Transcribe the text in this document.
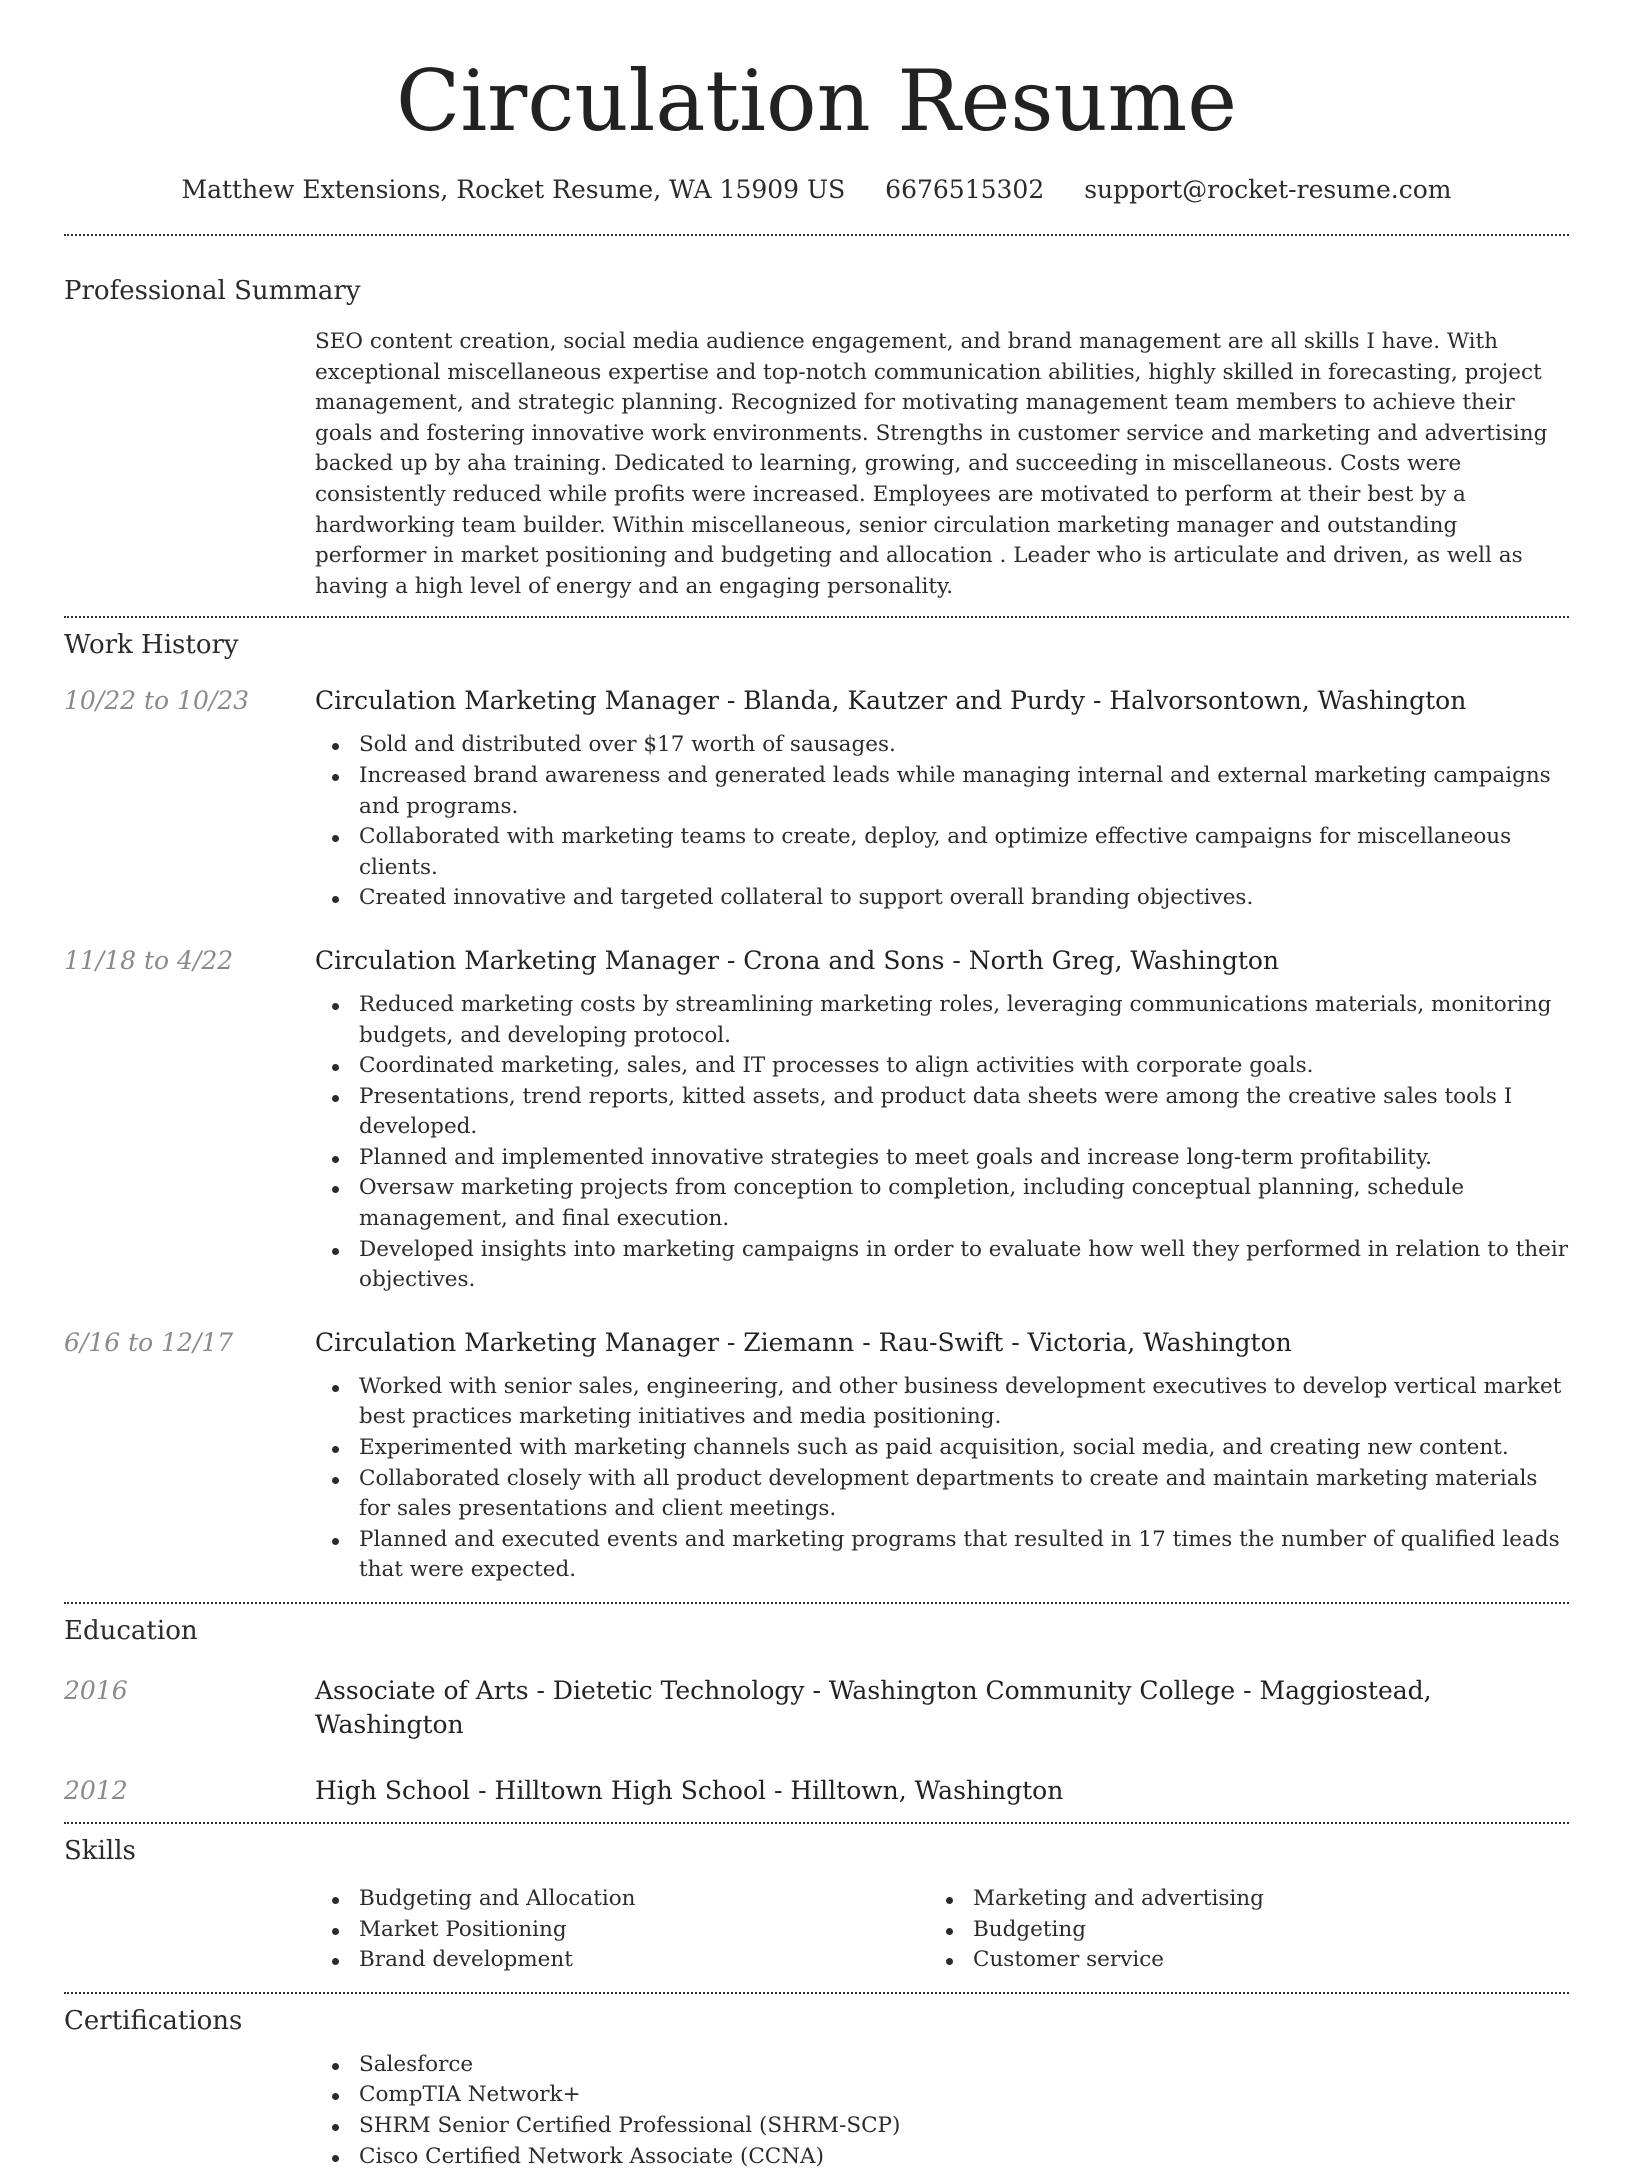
Circulation Resume
Matthew Extensions, Rocket Resume, WA 15909 US 6676515302 support@rocket-resume.com
Professional Summary
SEO content creation, social media audience engagement, and brand management are all skills I have. With exceptional miscellaneous expertise and top-notch communication abilities, highly skilled in forecasting, project management, and strategic planning. Recognized for motivating management team members to achieve their goals and fostering innovative work environments. Strengths in customer service and marketing and advertising backed up by aha training. Dedicated to learning, growing, and succeeding in miscellaneous. Costs were consistently reduced while profits were increased. Employees are motivated to perform at their best by a hardworking team builder. Within miscellaneous, senior circulation marketing manager and outstanding performer in market positioning and budgeting and allocation . Leader who is articulate and driven, as well as having a high level of energy and an engaging personality.
Work History
10/22 to 10/23	Circulation Marketing Manager - Blanda, Kautzer and Purdy - Halvorsontown, Washington
Sold and distributed over $17 worth of sausages.
Increased brand awareness and generated leads while managing internal and external marketing campaigns and programs.
Collaborated with marketing teams to create, deploy, and optimize effective campaigns for miscellaneous clients.
Created innovative and targeted collateral to support overall branding objectives.
11/18 to 4/22	Circulation Marketing Manager - Crona and Sons - North Greg, Washington
Reduced marketing costs by streamlining marketing roles, leveraging communications materials, monitoring budgets, and developing protocol.
Coordinated marketing, sales, and IT processes to align activities with corporate goals.
Presentations, trend reports, kitted assets, and product data sheets were among the creative sales tools I developed.
Planned and implemented innovative strategies to meet goals and increase long-term profitability.
Oversaw marketing projects from conception to completion, including conceptual planning, schedule management, and final execution.
Developed insights into marketing campaigns in order to evaluate how well they performed in relation to their objectives.
6/16 to 12/17	Circulation Marketing Manager - Ziemann - Rau-Swift - Victoria, Washington
Worked with senior sales, engineering, and other business development executives to develop vertical market best practices marketing initiatives and media positioning.
Experimented with marketing channels such as paid acquisition, social media, and creating new content.
Collaborated closely with all product development departments to create and maintain marketing materials for sales presentations and client meetings.
Planned and executed events and marketing programs that resulted in 17 times the number of qualified leads that were expected.
Education
2016	Associate of Arts - Dietetic Technology - Washington Community College - Maggiostead, Washington
2012	High School - Hilltown High School - Hilltown, Washington
Skills
Budgeting and Allocation
Market Positioning
Brand development
Marketing and advertising
Budgeting
Customer service
Certifications
Salesforce
CompTIA Network+
SHRM Senior Certified Professional (SHRM-SCP)
Cisco Certified Network Associate (CCNA)
